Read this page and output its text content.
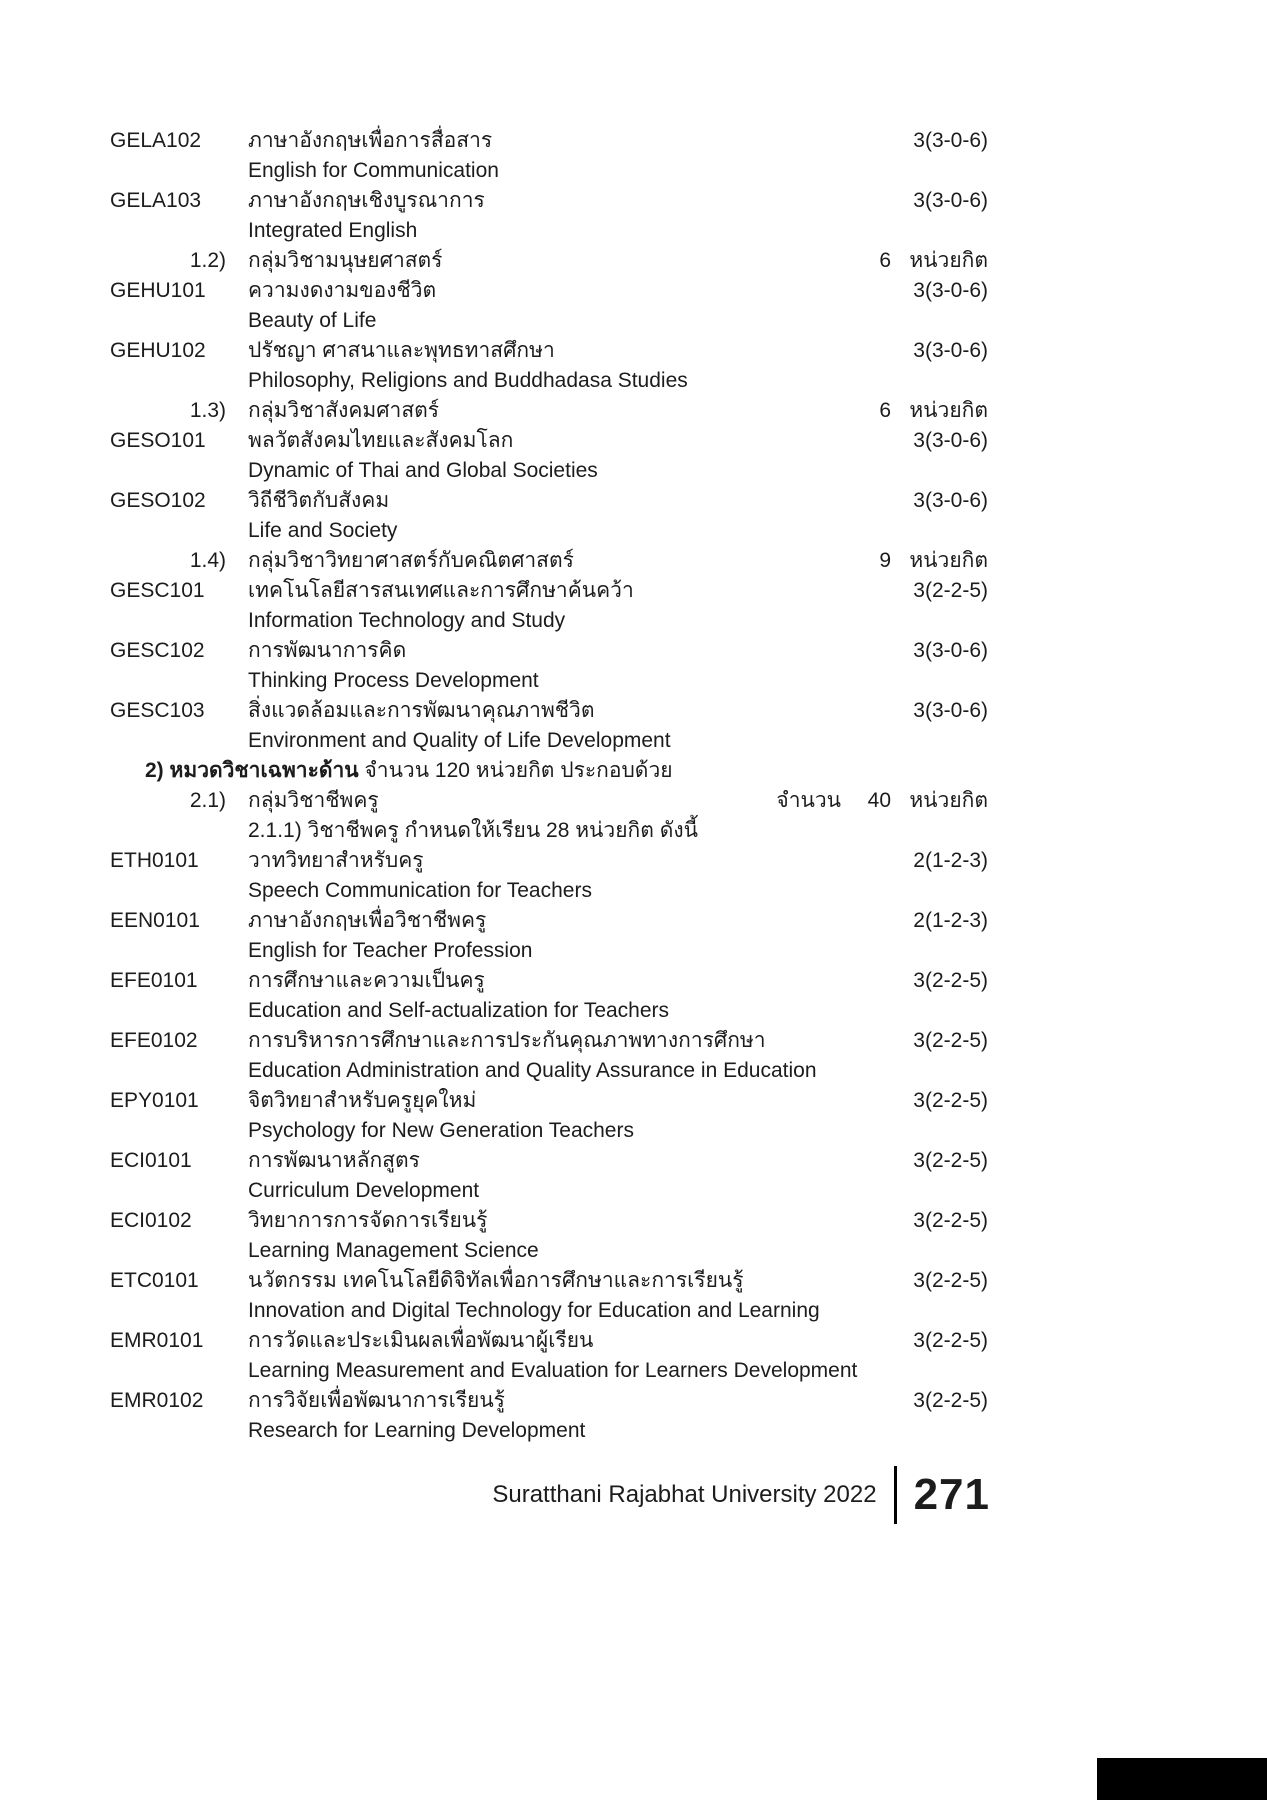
GELA102	ภาษาอังกฤษเพื่อการสื่อสาร	3(3-0-6)
English for Communication
GELA103	ภาษาอังกฤษเชิงบูรณาการ	3(3-0-6)
Integrated English
1.2)	กลุ่มวิชามนุษยศาสตร์	6 หน่วยกิต
GEHU101	ความงดงามของชีวิต	3(3-0-6)
Beauty of Life
GEHU102	ปรัชญา ศาสนาและพุทธทาสศึกษา	3(3-0-6)
Philosophy, Religions and Buddhadasa Studies
1.3)	กลุ่มวิชาสังคมศาสตร์	6 หน่วยกิต
GESO101	พลวัตสังคมไทยและสังคมโลก	3(3-0-6)
Dynamic of Thai and Global Societies
GESO102	วิถีชีวิตกับสังคม	3(3-0-6)
Life and Society
1.4)	กลุ่มวิชาวิทยาศาสตร์กับคณิตศาสตร์	9 หน่วยกิต
GESC101	เทคโนโลยีสารสนเทศและการศึกษาค้นคว้า	3(2-2-5)
Information Technology and Study
GESC102	การพัฒนาการคิด	3(3-0-6)
Thinking Process Development
GESC103	สิ่งแวดล้อมและการพัฒนาคุณภาพชีวิต	3(3-0-6)
Environment and Quality of Life Development
2) หมวดวิชาเฉพาะด้าน จำนวน 120 หน่วยกิต ประกอบด้วย
2.1)	กลุ่มวิชาชีพครู	จำนวน	40 หน่วยกิต
2.1.1) วิชาชีพครู กำหนดให้เรียน 28 หน่วยกิต ดังนี้
ETH0101	วาทวิทยาสำหรับครู	2(1-2-3)
Speech Communication for Teachers
EEN0101	ภาษาอังกฤษเพื่อวิชาชีพครู	2(1-2-3)
English for Teacher Profession
EFE0101	การศึกษาและความเป็นครู	3(2-2-5)
Education and Self-actualization for Teachers
EFE0102	การบริหารการศึกษาและการประกันคุณภาพทางการศึกษา	3(2-2-5)
Education Administration and Quality Assurance in Education
EPY0101	จิตวิทยาสำหรับครูยุคใหม่	3(2-2-5)
Psychology for New Generation Teachers
ECI0101	การพัฒนาหลักสูตร	3(2-2-5)
Curriculum Development
ECI0102	วิทยาการการจัดการเรียนรู้	3(2-2-5)
Learning Management Science
ETC0101	นวัตกรรม เทคโนโลยีดิจิทัลเพื่อการศึกษาและการเรียนรู้	3(2-2-5)
Innovation and Digital Technology for Education and Learning
EMR0101	การวัดและประเมินผลเพื่อพัฒนาผู้เรียน	3(2-2-5)
Learning Measurement and Evaluation for Learners Development
EMR0102	การวิจัยเพื่อพัฒนาการเรียนรู้	3(2-2-5)
Research for Learning Development
Suratthani Rajabhat University 2022 271
